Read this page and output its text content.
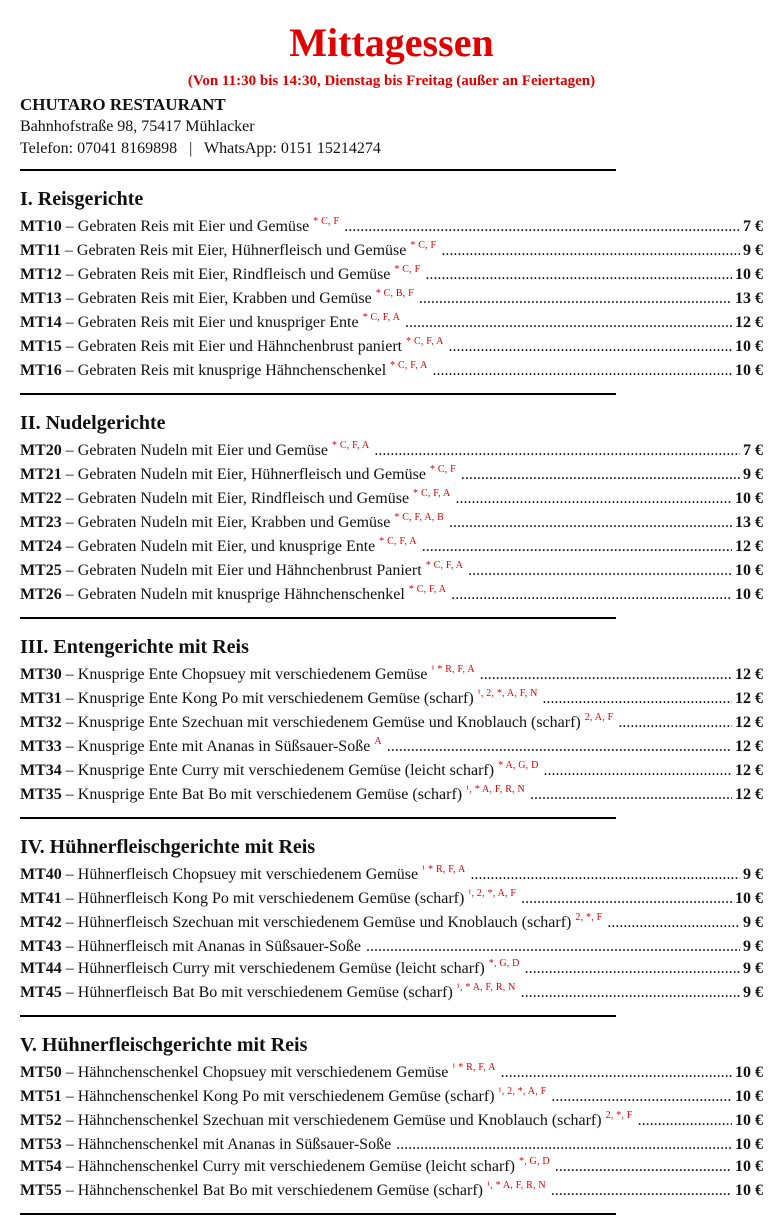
Mittagessen
(Von 11:30 bis 14:30, Dienstag bis Freitag (außer an Feiertagen)
CHUTARO RESTAURANT
Bahnhofstraße 98, 75417 Mühlacker
Telefon: 07041 8169898   |   WhatsApp: 0151 15214274
I. Reisgerichte
MT10 – Gebraten Reis mit Eier und Gemüse * C, F .....	7 €
MT11 – Gebraten Reis mit Eier, Hühnerfleisch und Gemüse * C, F .....	9 €
MT12 – Gebraten Reis mit Eier, Rindfleisch und Gemüse * C, F .....	10 €
MT13 – Gebraten Reis mit Eier, Krabben und Gemüse * C, B, F .....	13 €
MT14 – Gebraten Reis mit Eier und knuspriger Ente * C, F, A .....	12 €
MT15 – Gebraten Reis mit Eier und Hähnchenbrust paniert * C, F, A .....	10 €
MT16 – Gebraten Reis mit knusprige Hähnchenschenkel * C, F, A .....	10 €
II. Nudelgerichte
MT20 – Gebraten Nudeln mit Eier und Gemüse * C, F, A .....	7 €
MT21 – Gebraten Nudeln mit Eier, Hühnerfleisch und Gemüse * C, F .....	9 €
MT22 – Gebraten Nudeln mit Eier, Rindfleisch und Gemüse * C, F, A .....	10 €
MT23 – Gebraten Nudeln mit Eier, Krabben und Gemüse * C, F, A, B .....	13 €
MT24 – Gebraten Nudeln mit Eier, und knusprige Ente * C, F, A .....	12 €
MT25 – Gebraten Nudeln mit Eier und Hähnchenbrust Paniert * C, F, A .....	10 €
MT26 – Gebraten Nudeln mit knusprige Hähnchenschenkel * C, F, A .....	10 €
III. Entengerichte mit Reis
MT30 – Knusprige Ente Chopsuey mit verschiedenem Gemüse ¹ * R, F, A .....	12 €
MT31 – Knusprige Ente Kong Po mit verschiedenem Gemüse (scharf) ¹, 2, *, A, F, N .....	12 €
MT32 – Knusprige Ente Szechuan mit verschiedenem Gemüse und Knoblauch (scharf) 2, A, F .....	12 €
MT33 – Knusprige Ente mit Ananas in Süßsauer-Soße A .....	12 €
MT34 – Knusprige Ente Curry mit verschiedenem Gemüse (leicht scharf) * A, G, D .....	12 €
MT35 – Knusprige Ente Bat Bo mit verschiedenem Gemüse (scharf) ¹, * A, F, R, N .....	12 €
IV. Hühnerfleischgerichte mit Reis
MT40 – Hühnerfleisch Chopsuey mit verschiedenem Gemüse ¹ * R, F, A .....	9 €
MT41 – Hühnerfleisch Kong Po mit verschiedenem Gemüse (scharf) ¹, 2, *, A, F .....	10 €
MT42 – Hühnerfleisch Szechuan mit verschiedenem Gemüse und Knoblauch (scharf) 2, *, F .....	9 €
MT43 – Hühnerfleisch mit Ananas in Süßsauer-Soße .....	9 €
MT44 – Hühnerfleisch Curry mit verschiedenem Gemüse (leicht scharf) *, G, D .....	9 €
MT45 – Hühnerfleisch Bat Bo mit verschiedenem Gemüse (scharf) ¹, * A, F, R, N .....	9 €
V. Hühnerfleischgerichte mit Reis
MT50 – Hähnchenschenkel Chopsuey mit verschiedenem Gemüse ¹ * R, F, A .....	10 €
MT51 – Hähnchenschenkel Kong Po mit verschiedenem Gemüse (scharf) ¹, 2, *, A, F .....	10 €
MT52 – Hähnchenschenkel Szechuan mit verschiedenem Gemüse und Knoblauch (scharf) 2, *, F .....	10 €
MT53 – Hähnchenschenkel mit Ananas in Süßsauer-Soße .....	10 €
MT54 – Hähnchenschenkel Curry mit verschiedenem Gemüse (leicht scharf) *, G, D .....	10 €
MT55 – Hähnchenschenkel Bat Bo mit verschiedenem Gemüse (scharf) ¹, * A, F, R, N .....	10 €
